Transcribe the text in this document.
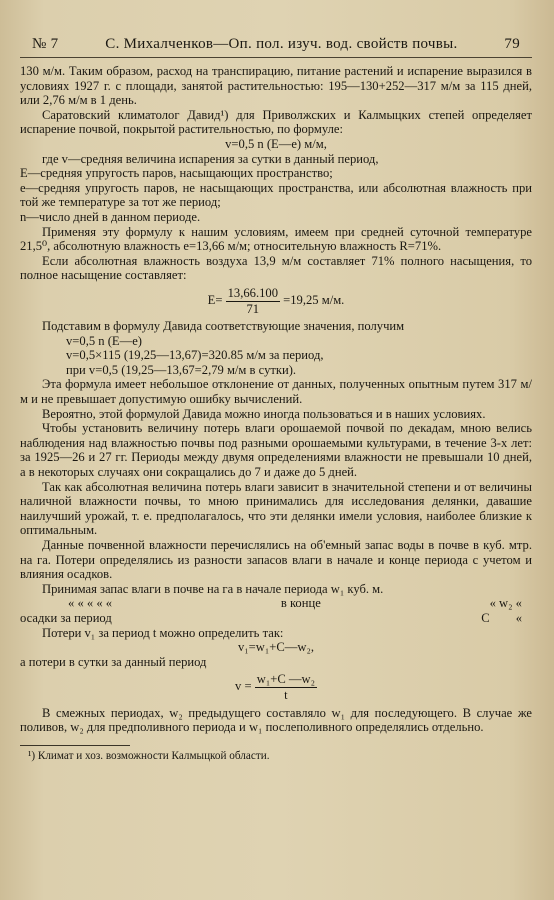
№ 7	С. Михалченков—Оп. пол. изуч. вод. свойств почвы.	79

130 м/м. Таким образом, расход на транспирацию, питание растений и испарение выразился в условиях 1927 г. с площади, занятой растительностью: 195—130+252—317 м/м за 115 дней, или 2,76 м/м в 1 день.

Саратовский климатолог Давид¹) для Приволжских и Калмыцких степей определяет испарение почвой, покрытой растительностью, по формуле:

v=0,5 n (E—e) м/м,

где v—средняя величина испарения за сутки в данный период,

E—средняя упругость паров, насыщающих пространство;

e—средняя упругость паров, не насыщающих пространства, или абсолютная влажность при той же температуре за тот же период;

n—число дней в данном периоде.

Применяя эту формулу к нашим условиям, имеем при средней суточной температуре 21,5⁰, абсолютную влажность e=13,66 м/м; относительную влажность R=71%.

Если абсолютная влажность воздуха 13,9 м/м составляет 71% полного насыщения, то полное насыщение составляет:

$E= \frac{13,66.100}{71} =19,25$ м/м.

Подставим в формулу Давида соответствующие значения, получим

v=0,5 n (E—e)

v=0,5×115 (19,25—13,67)=320.85 м/м за период,

при v=0,5 (19,25—13,67=2,79 м/м в сутки).

Эта формула имеет небольшое отклонение от данных, полученных опытным путем 317 м/м и не превышает допустимую ошибку вычислений.

Вероятно, этой формулой Давида можно иногда пользоваться и в наших условиях.

Чтобы установить величину потерь влаги орошаемой почвой по декадам, мною велись наблюдения над влажностью почвы под разными орошаемыми культурами, в течение 3-х лет: за 1925—26 и 27 гг. Периоды между двумя определениями влажности не превышали 10 дней, а в некоторых случаях они сокращались до 7 и даже до 5 дней.

Так как абсолютная величина потерь влаги зависит в значительной степени и от величины наличной влажности почвы, то мною принимались для исследования делянки, давашие наилучший урожай, т. е. предполагалось, что эти делянки имели условия, наиболее близкие к оптимальным.

Данные почвенной влажности перечислялись на об'емный запас воды в почве в куб. мтр. на га. Потери определялись из разности запасов влаги в начале и конце периода с учетом и влияния осадков.

Принимая запас влаги в почве на га в начале периода w₁ куб. м.

« « « « «	в конце	« w₂ «
осадки за период	C «

Потери v₁ за период t можно определить так:

v₁=w₁+C—w₂,

а потери в сутки за данный период

$v = \frac{\text{w₁+C —w₂}}{t}$

В смежных периодах, w₂ предыдущего составляло w₁ для последующего. В случае же поливов, w₂ для предполивного периода и w₁ послеполивного определялись отдельно.

¹) Климат и хоз. возможности Калмыцкой области.
